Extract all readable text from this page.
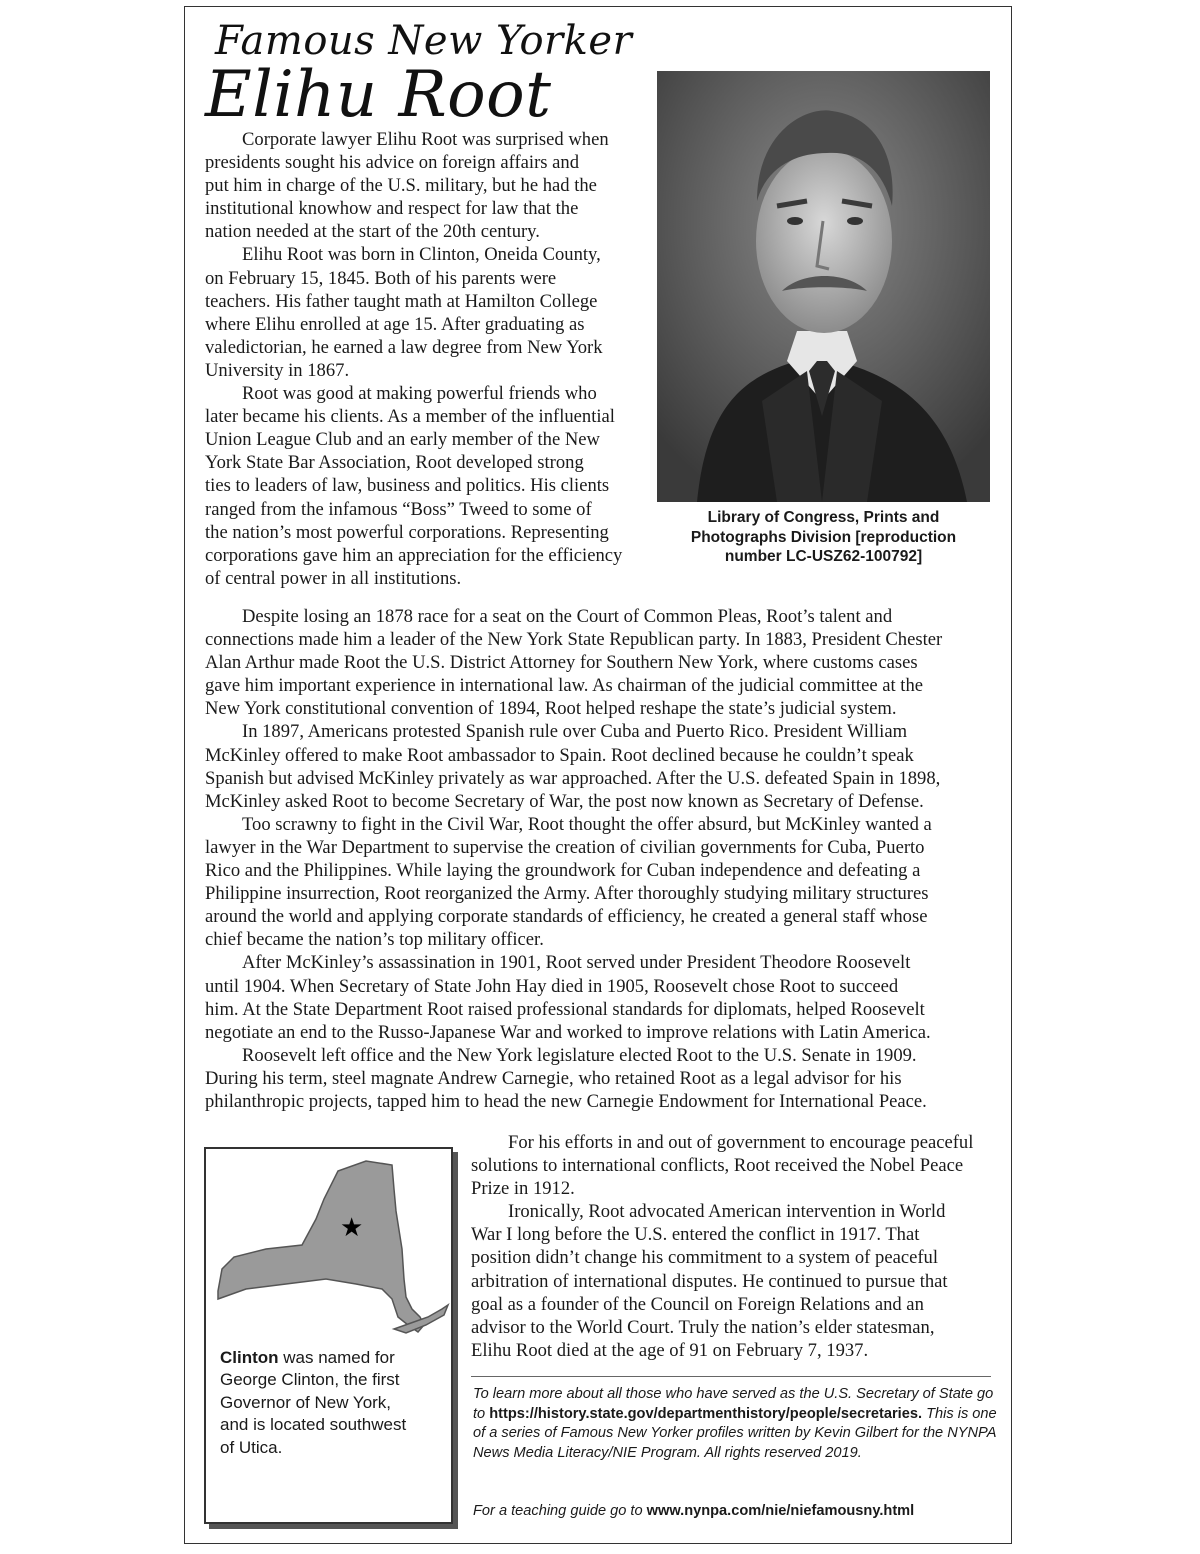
Famous New Yorker
Elihu Root

Corporate lawyer Elihu Root was surprised when
presidents sought his advice on foreign affairs and
put him in charge of the U.S. military, but he had the
institutional knowhow and respect for law that the
nation needed at the start of the 20th century.

Elihu Root was born in Clinton, Oneida County,
on February 15, 1845. Both of his parents were
teachers. His father taught math at Hamilton College
where Elihu enrolled at age 15. After graduating as
valedictorian, he earned a law degree from New York
University in 1867.

Root was good at making powerful friends who
later became his clients. As a member of the influential
Union League Club and an early member of the New
York State Bar Association, Root developed strong
ties to leaders of law, business and politics. His clients
ranged from the infamous “Boss” Tweed to some of
the nation’s most powerful corporations. Representing
corporations gave him an appreciation for the efficiency
of central power in all institutions.

Library of Congress, Prints and
Photographs Division [reproduction
number LC-USZ62-100792]

Despite losing an 1878 race for a seat on the Court of Common Pleas, Root’s talent and
connections made him a leader of the New York State Republican party. In 1883, President Chester
Alan Arthur made Root the U.S. District Attorney for Southern New York, where customs cases
gave him important experience in international law. As chairman of the judicial committee at the
New York constitutional convention of 1894, Root helped reshape the state’s judicial system.

In 1897, Americans protested Spanish rule over Cuba and Puerto Rico. President William
McKinley offered to make Root ambassador to Spain. Root declined because he couldn’t speak
Spanish but advised McKinley privately as war approached. After the U.S. defeated Spain in 1898,
McKinley asked Root to become Secretary of War, the post now known as Secretary of Defense.

Too scrawny to fight in the Civil War, Root thought the offer absurd, but McKinley wanted a
lawyer in the War Department to supervise the creation of civilian governments for Cuba, Puerto
Rico and the Philippines. While laying the groundwork for Cuban independence and defeating a
Philippine insurrection, Root reorganized the Army. After thoroughly studying military structures
around the world and applying corporate standards of efficiency, he created a general staff whose
chief became the nation’s top military officer.

After McKinley’s assassination in 1901, Root served under President Theodore Roosevelt
until 1904. When Secretary of State John Hay died in 1905, Roosevelt chose Root to succeed
him. At the State Department Root raised professional standards for diplomats, helped Roosevelt
negotiate an end to the Russo-Japanese War and worked to improve relations with Latin America.

Roosevelt left office and the New York legislature elected Root to the U.S. Senate in 1909.
During his term, steel magnate Andrew Carnegie, who retained Root as a legal advisor for his
philanthropic projects, tapped him to head the new Carnegie Endowment for International Peace.

★
Clinton was named for
George Clinton, the first
Governor of New York,
and is located southwest
of Utica.

For his efforts in and out of government to encourage peaceful
solutions to international conflicts, Root received the Nobel Peace
Prize in 1912.

Ironically, Root advocated American intervention in World
War I long before the U.S. entered the conflict in 1917. That
position didn’t change his commitment to a system of peaceful
arbitration of international disputes. He continued to pursue that
goal as a founder of the Council on Foreign Relations and an
advisor to the World Court. Truly the nation’s elder statesman,
Elihu Root died at the age of 91 on February 7, 1937.

To learn more about all those who have served as the U.S. Secretary of State go to https://history.state.gov/departmenthistory/people/secretaries. This is one of a series of Famous New Yorker profiles written by Kevin Gilbert for the NYNPA News Media Literacy/NIE Program. All rights reserved 2019.
For a teaching guide go to www.nynpa.com/nie/niefamousny.html
